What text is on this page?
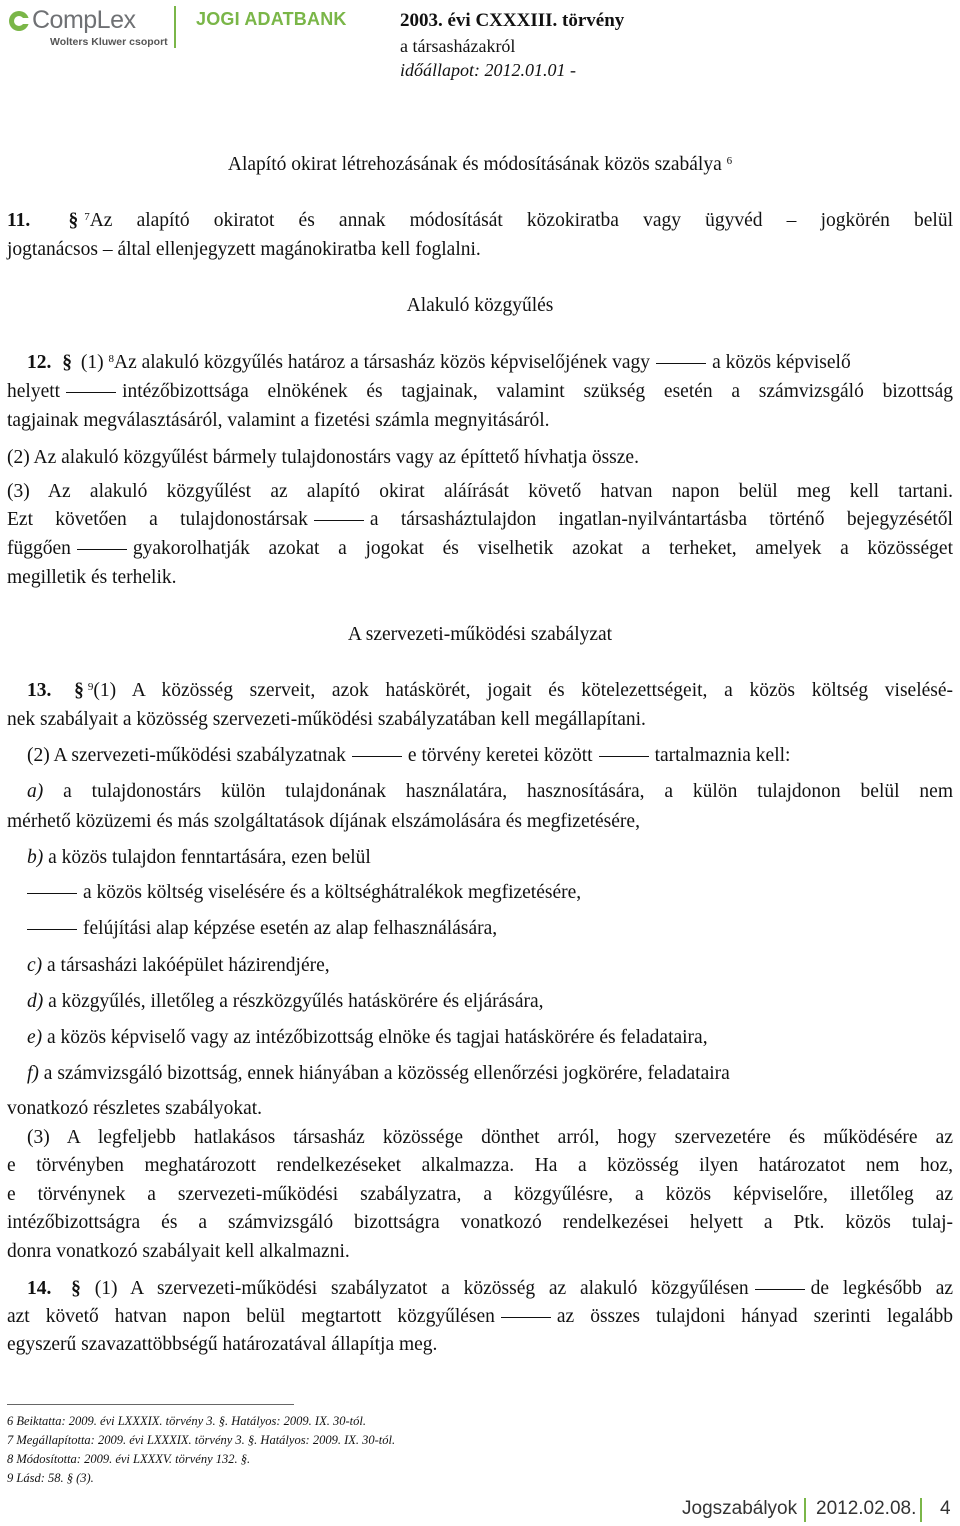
CompLex
Wolters Kluwer csoport
JOGI ADATBANK	2003. évi CXXXIII. törvény
a társasházakról
időállapot: 2012.01.01 -
Alapító okirat létrehozásának és módosításának közös szabálya $^6$
11. § $^7$Az alapító okiratot és annak módosítását közokiratba vagy ügyvéd – jogkörén belül
jogtanácsos – által ellenjegyzett magánokiratba kell foglalni.
Alakuló közgyűlés
12. § (1) $^8$Az alakuló közgyűlés határoz a társasház közös képviselőjének vagy	a közös képviselő
helyett	intézőbizottsága elnökének és tagjainak, valamint szükség esetén a számvizsgáló bizottság
tagjainak megválasztásáról, valamint a fizetési számla megnyitásáról.
(2) Az alakuló közgyűlést bármely tulajdonostárs vagy az építtető hívhatja össze.
(3) Az alakuló közgyűlést az alapító okirat aláírását követő hatvan napon belül meg kell tartani.
Ezt követően a tulajdonostársak	a társasháztulajdon ingatlan-nyilvántartásba történő bejegyzésétől
függően	gyakorolhatják azokat a jogokat és viselhetik azokat a terheket, amelyek a közösséget
megilletik és terhelik.
A szervezeti-működési szabályzat
13. § $^9$(1) A közösség szerveit, azok hatáskörét, jogait és kötelezettségeit, a közös költség viselésé-
nek szabályait a közösség szervezeti-működési szabályzatában kell megállapítani.
(2) A szervezeti-működési szabályzatnak	e törvény keretei között	tartalmaznia kell:
a) a tulajdonostárs külön tulajdonának használatára, hasznosítására, a külön tulajdonon belül nem
mérhető közüzemi és más szolgáltatások díjának elszámolására és megfizetésére,
b) a közös tulajdon fenntartására, ezen belül
a közös költség viselésére és a költséghátralékok megfizetésére,
felújítási alap képzése esetén az alap felhasználására,
c) a társasházi lakóépület házirendjére,
d) a közgyűlés, illetőleg a részközgyűlés hatáskörére és eljárására,
e) a közös képviselő vagy az intézőbizottság elnöke és tagjai hatáskörére és feladataira,
f) a számvizsgáló bizottság, ennek hiányában a közösség ellenőrzési jogkörére, feladataira
vonatkozó részletes szabályokat.
(3) A legfeljebb hatlakásos társasház közössége dönthet arról, hogy szervezetére és működésére az
e törvényben meghatározott rendelkezéseket alkalmazza. Ha a közösség ilyen határozatot nem hoz,
e törvénynek a szervezeti-működési szabályzatra, a közgyűlésre, a közös képviselőre, illetőleg az
intézőbizottságra és a számvizsgáló bizottságra vonatkozó rendelkezései helyett a Ptk. közös tulaj-
donra vonatkozó szabályait kell alkalmazni.
14. § (1) A szervezeti-működési szabályzatot a közösség az alakuló közgyűlésen	de legkésőbb az
azt követő hatvan napon belül megtartott közgyűlésen	az összes tulajdoni hányad szerinti legalább
egyszerű szavazattöbbségű határozatával állapítja meg.
6 Beiktatta: 2009. évi LXXXIX. törvény 3. §. Hatályos: 2009. IX. 30-tól.
7 Megállapította: 2009. évi LXXXIX. törvény 3. §. Hatályos: 2009. IX. 30-tól.
8 Módosította: 2009. évi LXXXV. törvény 132. §.
9 Lásd: 58. § (3).
Jogszabályok 2012.02.08. 4
